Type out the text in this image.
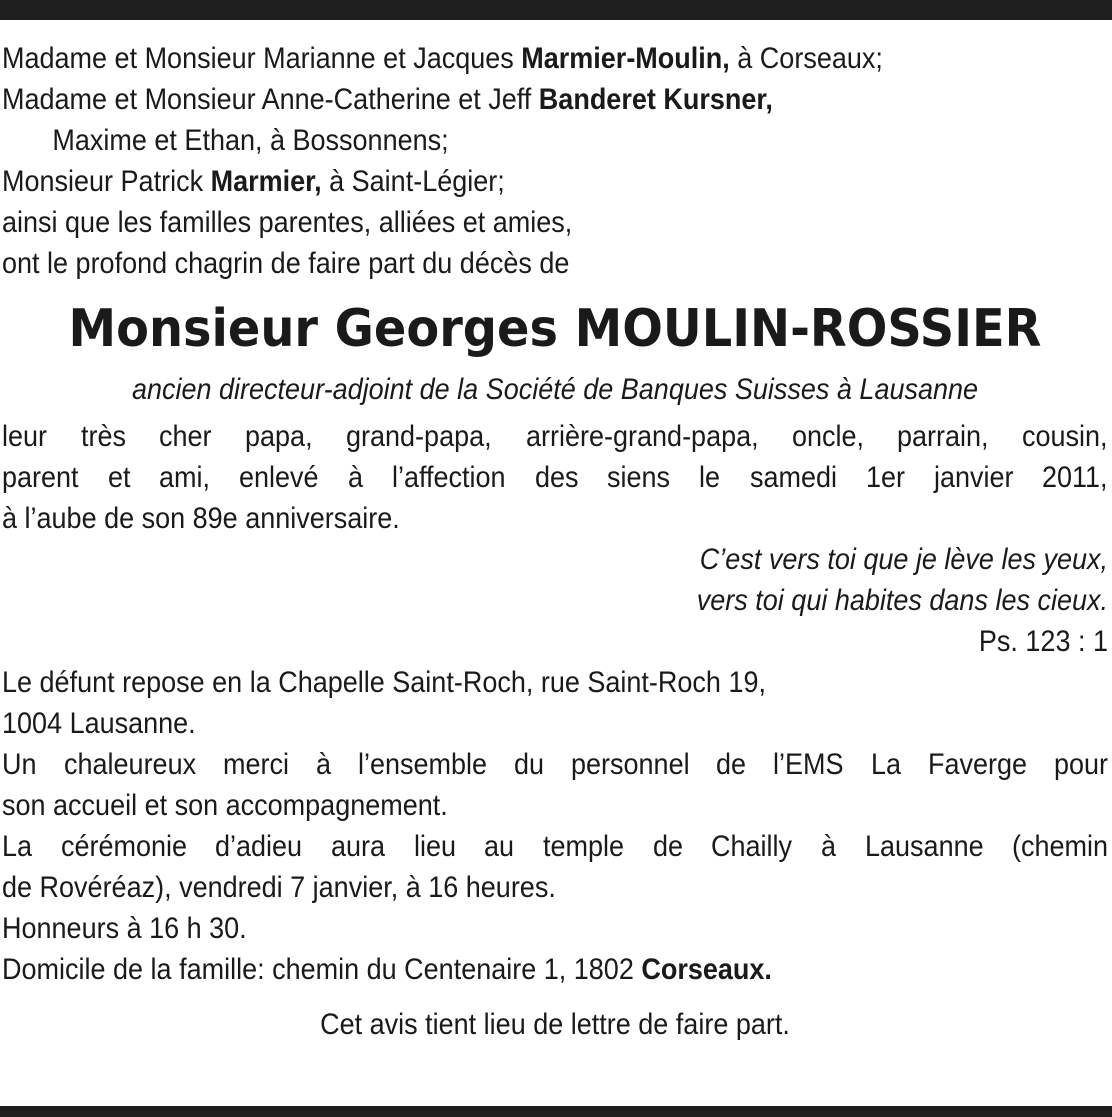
Madame et Monsieur Marianne et Jacques Marmier-Moulin, à Corseaux;
Madame et Monsieur Anne-Catherine et Jeff Banderet Kursner,
Maxime et Ethan, à Bossonnens;
Monsieur Patrick Marmier, à Saint-Légier;
ainsi que les familles parentes, alliées et amies,
ont le profond chagrin de faire part du décès de
Monsieur Georges MOULIN-ROSSIER
ancien directeur-adjoint de la Société de Banques Suisses à Lausanne
leur très cher papa, grand-papa, arrière-grand-papa, oncle, parrain, cousin,
parent et ami, enlevé à l’affection des siens le samedi 1er janvier 2011,
à l’aube de son 89e anniversaire.
C’est vers toi que je lève les yeux,
vers toi qui habites dans les cieux.
Ps. 123 : 1
Le défunt repose en la Chapelle Saint-Roch, rue Saint-Roch 19,
1004 Lausanne.
Un chaleureux merci à l’ensemble du personnel de l’EMS La Faverge pour
son accueil et son accompagnement.
La cérémonie d’adieu aura lieu au temple de Chailly à Lausanne (chemin
de Rovéréaz), vendredi 7 janvier, à 16 heures.
Honneurs à 16 h 30.
Domicile de la famille: chemin du Centenaire 1, 1802 Corseaux.
Cet avis tient lieu de lettre de faire part.
